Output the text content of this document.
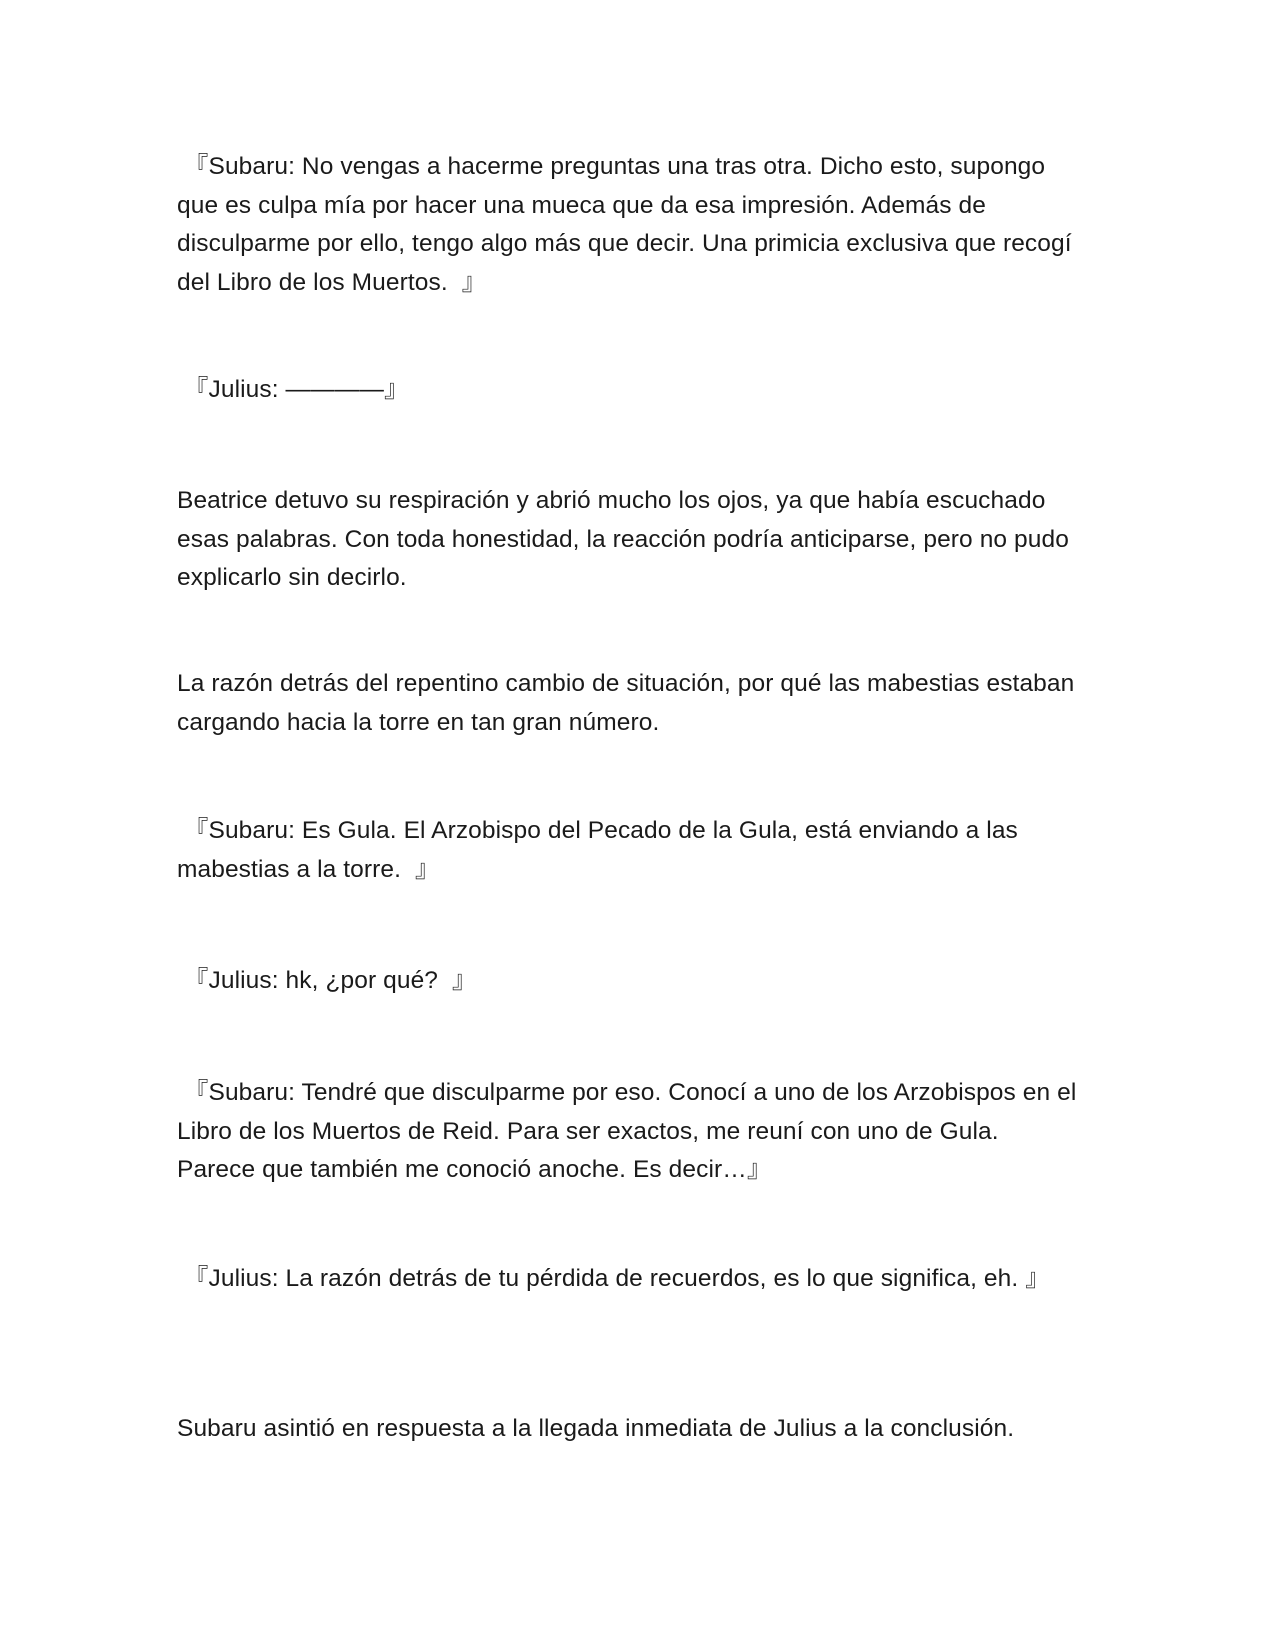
『Subaru: No vengas a hacerme preguntas una tras otra. Dicho esto, supongo que es culpa mía por hacer una mueca que da esa impresión. Además de disculparme por ello, tengo algo más que decir. Una primicia exclusiva que recogí del Libro de los Muertos.  』

『Julius: ————』

Beatrice detuvo su respiración y abrió mucho los ojos, ya que había escuchado esas palabras. Con toda honestidad, la reacción podría anticiparse, pero no pudo explicarlo sin decirlo.

La razón detrás del repentino cambio de situación, por qué las mabestias estaban cargando hacia la torre en tan gran número.

『Subaru: Es Gula. El Arzobispo del Pecado de la Gula, está enviando a las mabestias a la torre.  』

『Julius: hk, ¿por qué?  』

『Subaru: Tendré que disculparme por eso. Conocí a uno de los Arzobispos en el Libro de los Muertos de Reid. Para ser exactos, me reuní con uno de Gula. Parece que también me conoció anoche. Es decir…』

『Julius: La razón detrás de tu pérdida de recuerdos, es lo que significa, eh. 』

Subaru asintió en respuesta a la llegada inmediata de Julius a la conclusión.
